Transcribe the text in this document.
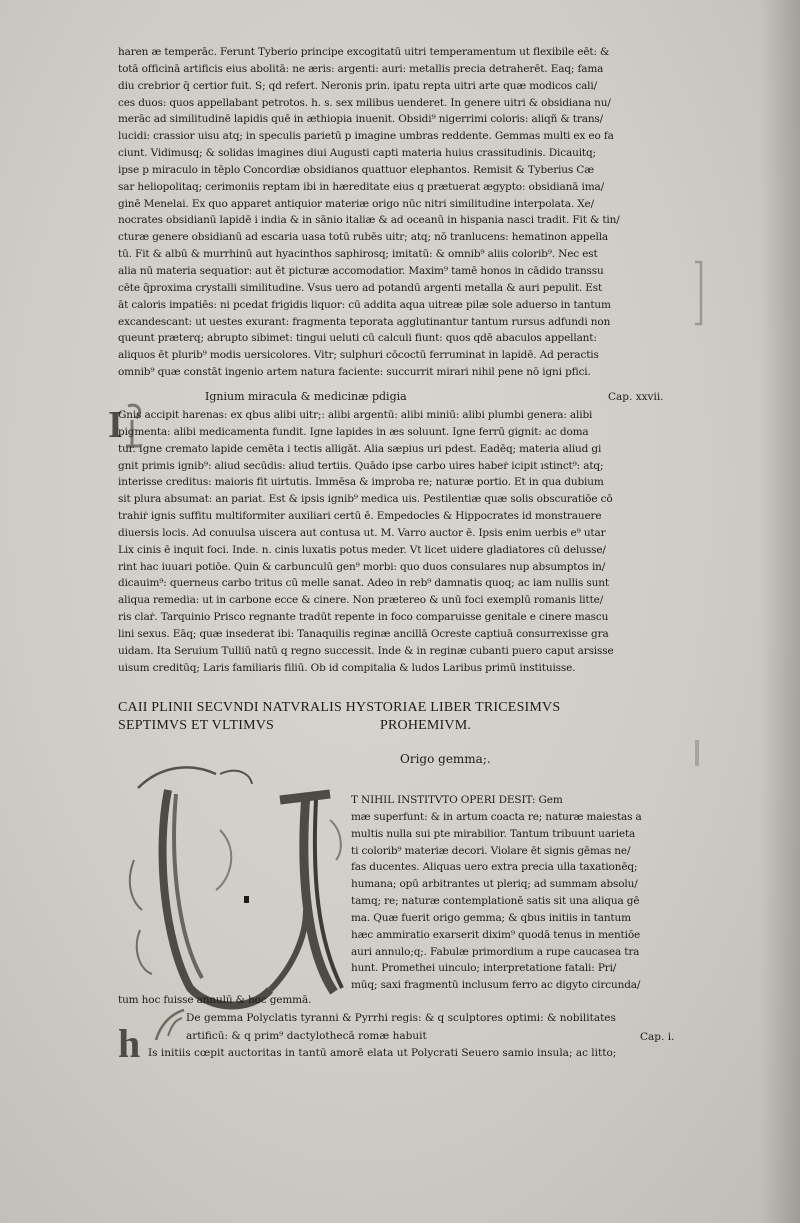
haren æ temperāc. Ferunt Tyberio principe excogitatū uitri temperamentum ut flexibile eēt: &
totā officinā artificis eius abolitā: ne æris: argenti: auri: metallis precia detraherēt. Eaq; fama
diu crebrior q̄ certior fuit. S; qd refert. Neronis prin. ipatu repta uitri arte quæ modicos cali/
ces duos: quos appellabant petrotos. h. s. sex milibus uenderet. In genere uitri & obsidiana nu/
merāc ad similitudinē lapidis quē in æthiopia inuenit. Obsidi⁹ nigerrimi coloris: aliqñ & trans/
lucidi: crassior uisu atq; in speculis parietū p imagine umbras reddente. Gemmas multi ex eo fa
ciunt. Vidimusq; & solidas imagines diui Augusti capti materia huius crassitudinis. Dicauitq;
ipse p miraculo in tēplo Concordiæ obsidianos quattuor elephantos. Remisit & Tyberius Cæ
sar heliopolitaq; cerimoniis reptam ibi in hæreditate eius q prætuerat ægypto: obsidianā ima/
ginē Menelai. Ex quo apparet antiquior materiæ origo nūc nitri similitudine interpolata. Xe/
nocrates obsidianū lapidē i india & in sānio italiæ & ad oceanū in hispania nasci tradit. Fit & tin/
cturæ genere obsidianū ad escaria uasa totū rubēs uitr; atq; nō tranlucens: hematinon appella
tū. Fit & albū & murrhinū aut hyacinthos saphirosq; imitatū: & omnib⁹ aliis colorib⁹. Nec est
alia nū materia sequatior: aut ēt picturæ accomodatior. Maxim⁹ tamē honos in cādido transsu
cēte q̄proxima crystalli similitudine. Vsus uero ad potandū argenti metalla & auri pepulit. Est
āt caloris impatiēs: ni pcedat frigidis liquor: cū addita aqua uitreæ pilæ sole aduerso in tantum
excandescant: ut uestes exurant: fragmenta teporata agglutinantur tantum rursus adfundi non
queunt præterq; abrupto sibimet: tingui ueluti cū calculi fiunt: quos qdē abaculos appellant:
aliquos ēt plurib⁹ modis uersicolores. Vitr; sulphuri cōcoctū ferruminat in lapidē. Ad peractis
omnib⁹ quæ constāt ingenio artem natura faciente: succurrit mirari nihil pene nō igni pfici.
Ignium miracula & medicinæ pdigia	Cap. xxvii.
I
Gnis accipit harenas: ex qbus alibi uitr;: alibi argentū: alibi miniū: alibi plumbi genera: alibi
pigmenta: alibi medicamenta fundit. Igne lapides in æs soluunt. Igne ferrū gignit: ac doma
tur. Igne cremato lapide cemēta i tectis alligāt. Alia sæpius uri pdest. Eadēq; materia aliud gi
gnit primis ignib⁹: aliud secūdis: aliud tertiis. Quādo ipse carbo uires habeṙ icipit ıstinct⁹: atq;
interisse creditus: maioris fit uirtutis. Immēsa & improba re; naturæ portio. Et in qua dubium
sit plura absumat: an pariat. Est & ipsis ignib⁹ medica uis. Pestilentiæ quæ solis obscuratiōe cō
trahiṙ ignis suffitu multiformiter auxiliari certū ē. Empedocles & Hippocrates id monstrauere
diuersis locis. Ad conuulsa uiscera aut contusa ut. M. Varro auctor ē. Ipsis enim uerbis e⁹ utar
Lix cinis ē inquit foci. Inde. n. cinis luxatis potus meder. Vt licet uidere gladiatores cū delusse/
rint hac iuuari potiōe. Quin & carbunculū gen⁹ morbi: quo duos consulares nup absumptos in/
dicauim⁹: querneus carbo tritus cū melle sanat. Adeo in reb⁹ damnatis quoq; ac iam nullis sunt
aliqua remedia: ut in carbone ecce & cinere. Non prætereo & unū foci exemplū romanis litte/
ris claṙ. Tarquinio Prisco regnante tradūt repente in foco comparuisse genitale e cinere mascu
lini sexus. Eāq; quæ insederat ibi: Tanaquilis reginæ ancillā Ocreste captiuā consurrexisse gra
uidam. Ita Seruium Tulliū natū q regno successit. Inde & in reginæ cubanti puero caput arsisse
uisum creditūq; Laris familiaris filiū. Ob id compitalia & ludos Laribus primū instituisse.
CAII PLINII SECVNDI NATVRALIS HYSTORIAE LIBER TRICESIMVS
SEPTIMVS ET VLTIMVS	PROHEMIVM.
Origo gemma;.
T NIHIL INSTITVTO OPERI DESIT: Gem
mæ superfunt: & in artum coacta re; naturæ maiestas a
multis nulla sui pte mirabilior. Tantum tribuunt uarieta
ti colorib⁹ materiæ decori. Violare ēt signis gēmas ne/
fas ducentes. Aliquas uero extra precia ulla taxationēq;
humana; opū arbitrantes ut pleriq; ad summam absolu/
tamq; re; naturæ contemplationē satis sit una aliqua gē
ma. Quæ fuerit origo gemma; & qbus initiis in tantum
hæc ammiratio exarserit dixim⁹ quodā tenus in mentiōe
auri annulo;q;. Fabulæ primordium a rupe caucasea tra
hunt. Promethei uinculo; interpretatione fatali: Pri/
mūq; saxi fragmentū inclusum ferro ac digyto circunda/
tum hoc fuisse annulū & hoc gemmā.
De gemma Polyclatis tyranni & Pyrrhi regis: & q sculptores optimi: & nobilitates
artificū: & q prim⁹ dactylothecā romæ habuit	Cap. i.
h Is initiis cœpit auctoritas in tantū amorē elata ut Polycrati Seuero samio insula; ac litto;
